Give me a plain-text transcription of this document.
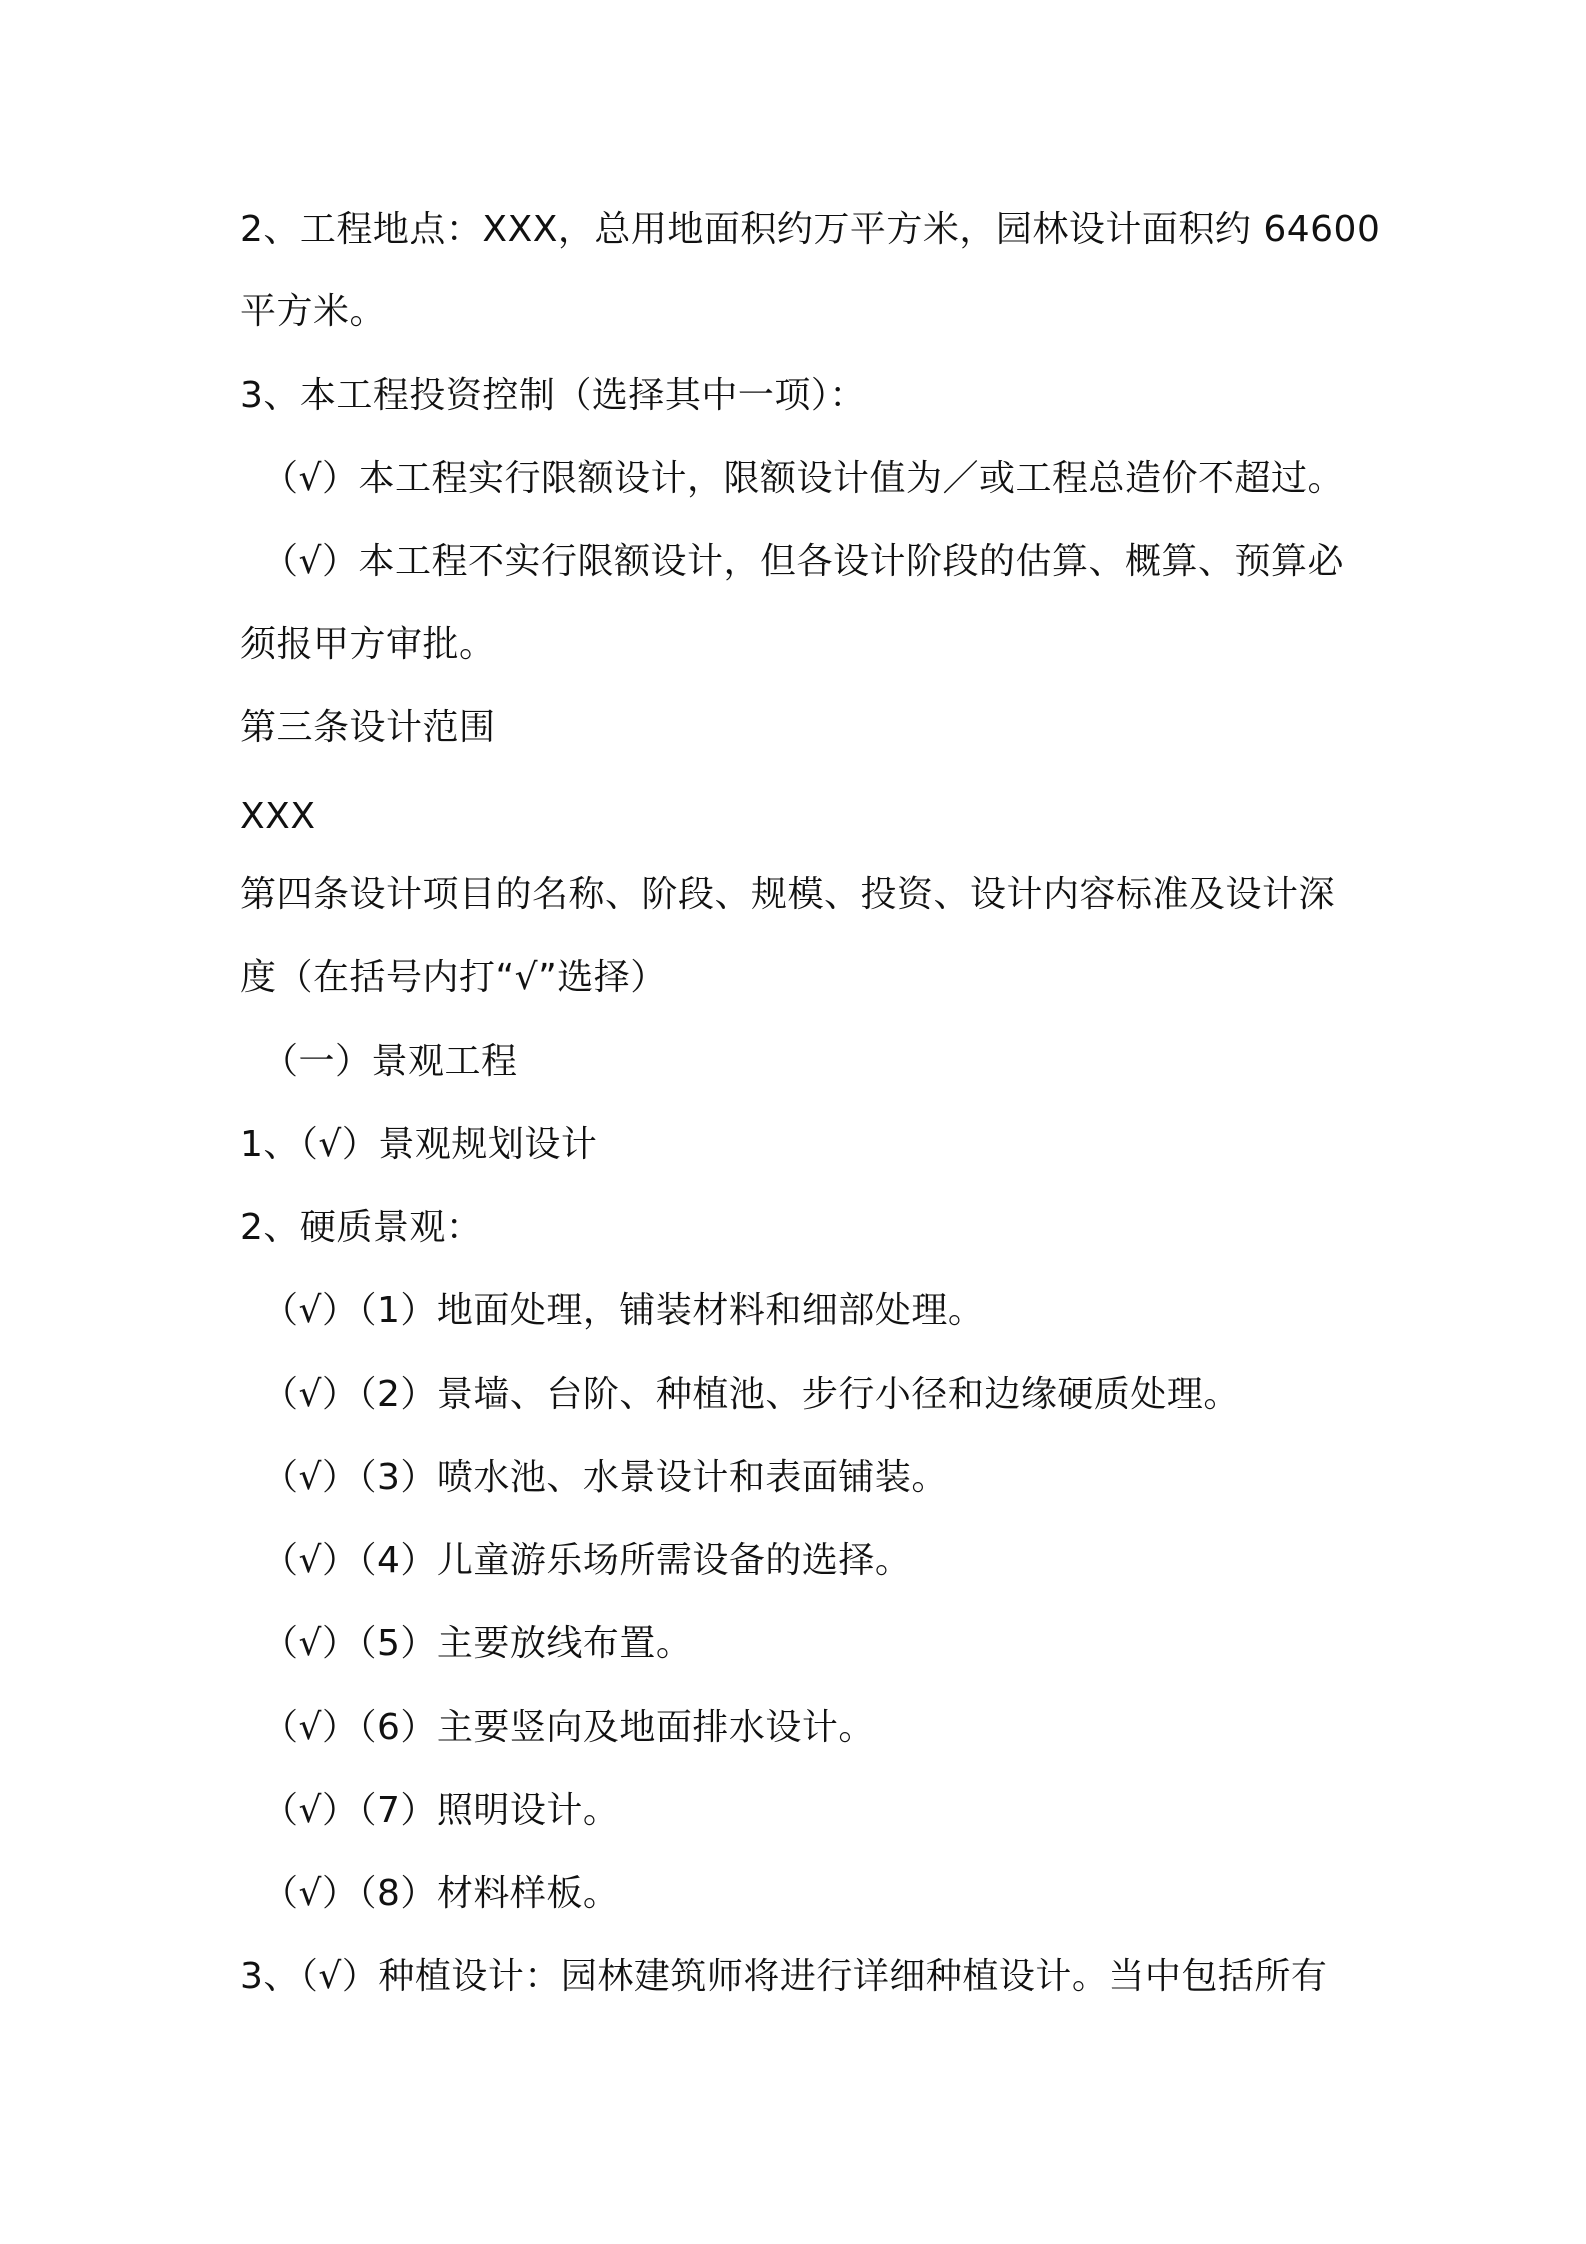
2、工程地点：XXX，总用地面积约万平方米，园林设计面积约 64600
平方米。
3、本工程投资控制（选择其中一项）：
（√）本工程实行限额设计，限额设计值为／或工程总造价不超过。
（√）本工程不实行限额设计，但各设计阶段的估算、概算、预算必
须报甲方审批。
第三条设计范围
XXX
第四条设计项目的名称、阶段、规模、投资、设计内容标准及设计深
度（在括号内打“√”选择）
（一）景观工程
1、（√）景观规划设计
2、硬质景观：
（√）（1）地面处理，铺装材料和细部处理。
（√）（2）景墙、台阶、种植池、步行小径和边缘硬质处理。
（√）（3）喷水池、水景设计和表面铺装。
（√）（4）儿童游乐场所需设备的选择。
（√）（5）主要放线布置。
（√）（6）主要竖向及地面排水设计。
（√）（7）照明设计。
（√）（8）材料样板。
3、（√）种植设计：园林建筑师将进行详细种植设计。当中包括所有
